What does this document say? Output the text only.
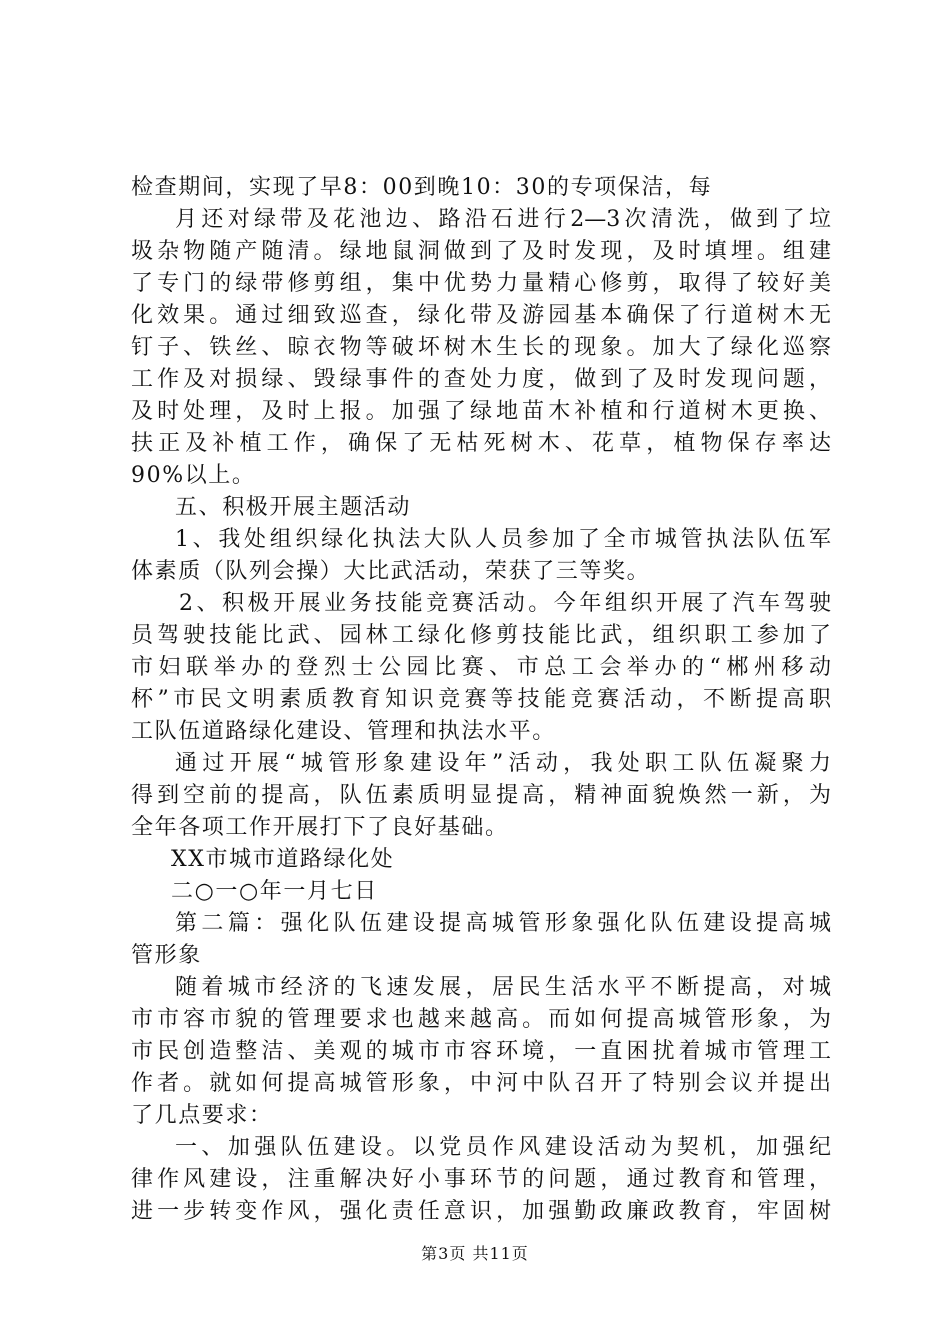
检查期间，实现了早8：00到晚10：30的专项保洁，每
月还对绿带及花池边、路沿石进行2—3次清洗，做到了垃
圾杂物随产随清。绿地鼠洞做到了及时发现，及时填埋。组建
了专门的绿带修剪组，集中优势力量精心修剪，取得了较好美
化效果。通过细致巡查，绿化带及游园基本确保了行道树木无
钉子、铁丝、晾衣物等破坏树木生长的现象。加大了绿化巡察
工作及对损绿、毁绿事件的查处力度，做到了及时发现问题，
及时处理，及时上报。加强了绿地苗木补植和行道树木更换、
扶正及补植工作，确保了无枯死树木、花草，植物保存率达
90%以上。
五、积极开展主题活动
1、我处组织绿化执法大队人员参加了全市城管执法队伍军
体素质（队列会操）大比武活动，荣获了三等奖。
2、积极开展业务技能竞赛活动。今年组织开展了汽车驾驶
员驾驶技能比武、园林工绿化修剪技能比武，组织职工参加了
市妇联举办的登烈士公园比赛、市总工会举办的“郴州移动
杯”市民文明素质教育知识竞赛等技能竞赛活动，不断提高职
工队伍道路绿化建设、管理和执法水平。
通过开展“城管形象建设年”活动，我处职工队伍凝聚力
得到空前的提高，队伍素质明显提高，精神面貌焕然一新，为
全年各项工作开展打下了良好基础。
XX市城市道路绿化处
二○一○年一月七日
第二篇：强化队伍建设提高城管形象强化队伍建设提高城
管形象
随着城市经济的飞速发展，居民生活水平不断提高，对城
市市容市貌的管理要求也越来越高。而如何提高城管形象，为
市民创造整洁、美观的城市市容环境，一直困扰着城市管理工
作者。就如何提高城管形象，中河中队召开了特别会议并提出
了几点要求：
一、加强队伍建设。以党员作风建设活动为契机，加强纪
律作风建设，注重解决好小事环节的问题，通过教育和管理，
进一步转变作风，强化责任意识，加强勤政廉政教育，牢固树
第3页 共11页
